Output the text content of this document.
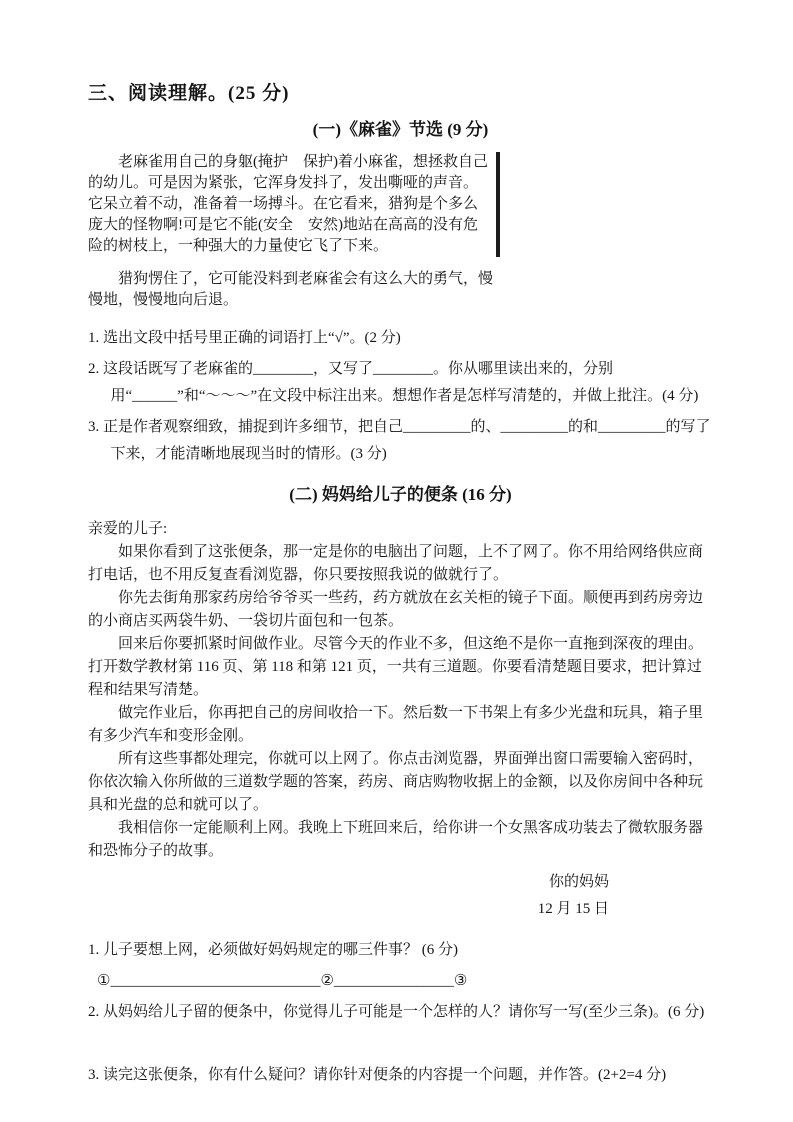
三、阅读理解。(25 分)
(一)《麻雀》节选 (9 分)

老麻雀用自己的身躯(掩护　保护)着小麻雀，想拯救自己的幼儿。可是因为紧张，它浑身发抖了，发出嘶哑的声音。它呆立着不动，准备着一场搏斗。在它看来，猎狗是个多么庞大的怪物啊!可是它不能(安全　安然)地站在高高的没有危险的树枝上，一种强大的力量使它飞了下来。

猎狗愣住了，它可能没料到老麻雀会有这么大的勇气，慢慢地，慢慢地向后退。

1. 选出文段中括号里正确的词语打上“√”。(2 分)
2. 这段话既写了老麻雀的________，又写了________。你从哪里读出来的，分别用“______”和“～～～”在文段中标注出来。想想作者是怎样写清楚的，并做上批注。(4 分)
3. 正是作者观察细致，捕捉到许多细节，把自己_________的、_________的和_________的写了下来，才能清晰地展现当时的情形。(3 分)
(二) 妈妈给儿子的便条 (16 分)

亲爱的儿子:

如果你看到了这张便条，那一定是你的电脑出了问题，上不了网了。你不用给网络供应商打电话，也不用反复查看浏览器，你只要按照我说的做就行了。

你先去街角那家药房给爷爷买一些药，药方就放在玄关柜的镜子下面。顺便再到药房旁边的小商店买两袋牛奶、一袋切片面包和一包茶。

回来后你要抓紧时间做作业。尽管今天的作业不多，但这绝不是你一直拖到深夜的理由。打开数学教材第 116 页、第 118 和第 121 页，一共有三道题。你要看清楚题目要求，把计算过程和结果写清楚。

做完作业后，你再把自己的房间收拾一下。然后数一下书架上有多少光盘和玩具，箱子里有多少汽车和变形金刚。

所有这些事都处理完，你就可以上网了。你点击浏览器，界面弹出窗口需要输入密码时，你依次输入你所做的三道数学题的答案，药房、商店购物收据上的金额，以及你房间中各种玩具和光盘的总和就可以了。

我相信你一定能顺利上网。我晚上下班回来后，给你讲一个女黑客成功装去了微软服务器和恐怖分子的故事。

你的妈妈
12 月 15 日
1. 儿子要想上网，必须做好妈妈规定的哪三件事？ (6 分)
①____________________________②________________③
2. 从妈妈给儿子留的便条中，你觉得儿子可能是一个怎样的人？请你写一写(至少三条)。(6 分)
3. 读完这张便条，你有什么疑问？请你针对便条的内容提一个问题，并作答。(2+2=4 分)
